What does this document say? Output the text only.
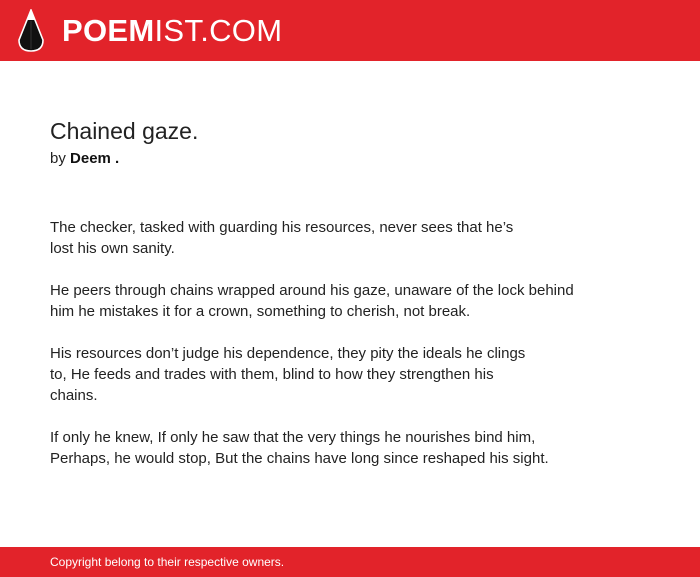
POEMIST.COM
Chained gaze.

by Deem .

The checker, tasked with guarding his resources, never sees that he’s
lost his own sanity.

He peers through chains wrapped around his gaze, unaware of the lock behind
him he mistakes it for a crown, something to cherish, not break.

His resources don’t judge his dependence, they pity the ideals he clings
to, He feeds and trades with them, blind to how they strengthen his
chains.

If only he knew, If only he saw that the very things he nourishes bind him,
Perhaps, he would stop, But the chains have long since reshaped his sight.

Copyright belong to their respective owners.
